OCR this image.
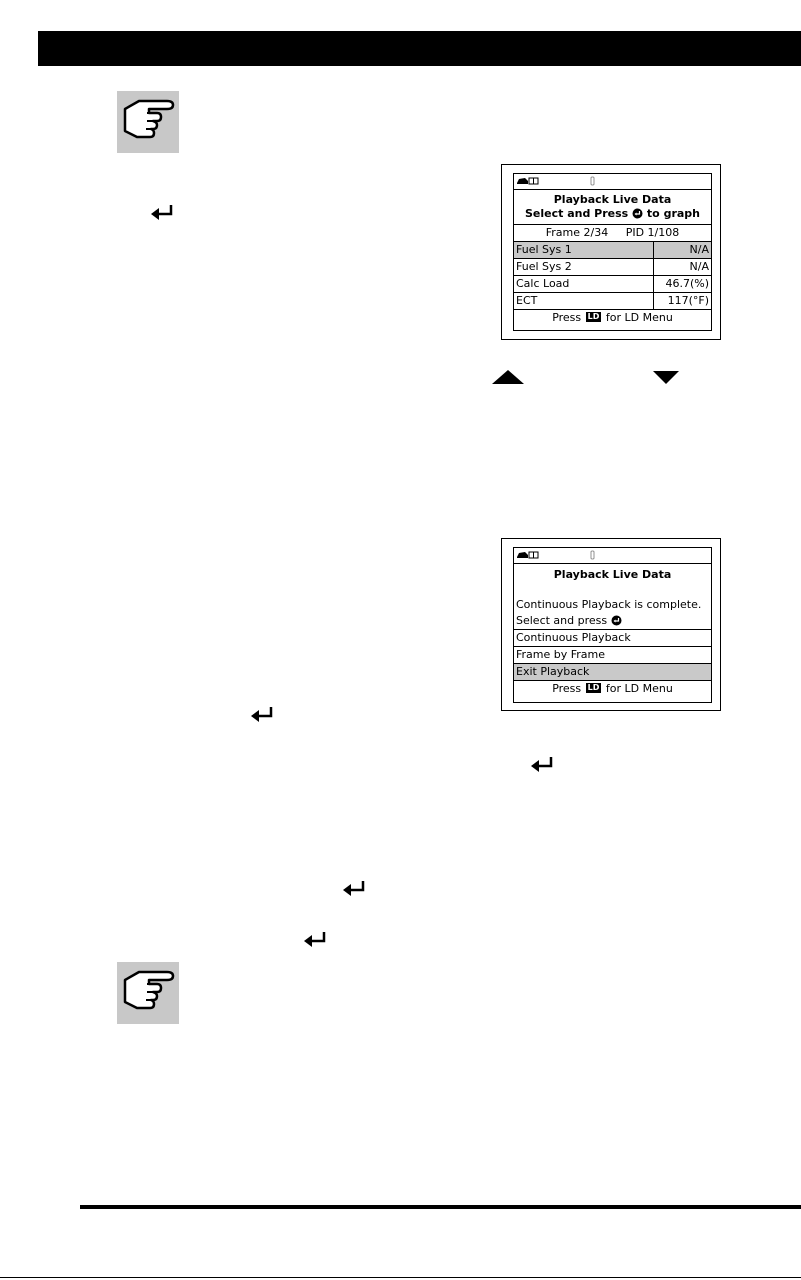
Playback Live Data
Select and Press to graph
Frame 2/34 PID 1/108
Fuel Sys 1	N/A
Fuel Sys 2	N/A
Calc Load	46.7(%)
ECT	117(°F)
Press LD for LD Menu
Playback Live Data
Continuous Playback is complete.
Select and press
Continuous Playback
Frame by Frame
Exit Playback
Press LD for LD Menu
